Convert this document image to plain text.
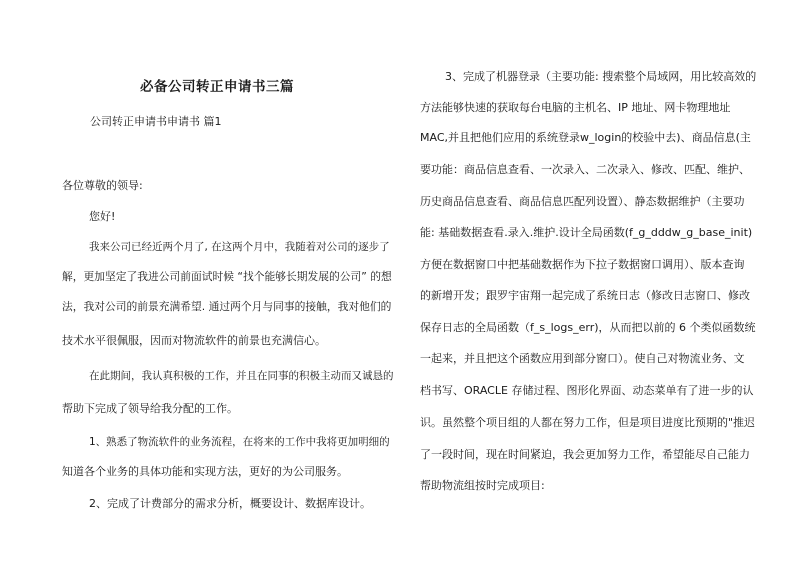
必备公司转正申请书三篇
公司转正申请书申请书 篇1
各位尊敬的领导:
您好!
我来公司已经近两个月了, 在这两个月中，我随着对公司的逐步了
解，更加坚定了我进公司前面试时候 “找个能够长期发展的公司” 的想
法，我对公司的前景充满希望. 通过两个月与同事的接触，我对他们的
技术水平很佩服，因而对物流软件的前景也充满信心。
在此期间，我认真积极的工作，并且在同事的积极主动而又诚恳的
帮助下完成了领导给我分配的工作。
1、熟悉了物流软件的业务流程，在将来的工作中我将更加明细的
知道各个业务的具体功能和实现方法，更好的为公司服务。
2、完成了计费部分的需求分析，概要设计、数据库设计。
3、完成了机器登录（主要功能: 搜索整个局域网，用比较高效的
方法能够快速的获取每台电脑的主机名、IP 地址、网卡物理地址
MAC,并且把他们应用的系统登录w_login的校验中去)、商品信息(主
要功能：商品信息查看、一次录入、二次录入、修改、匹配、维护、
历史商品信息查看、商品信息匹配列设置）、静态数据维护（主要功
能: 基础数据查看.录入.维护.设计全局函数(f_g_dddw_g_base_init)
方便在数据窗口中把基础数据作为下拉子数据窗口调用）、版本查询
的新增开发；跟罗宇宙翔一起完成了系统日志（修改日志窗口、修改
保存日志的全局函数（f_s_logs_err)，从而把以前的 6 个类似函数统
一起来，并且把这个函数应用到部分窗口）。使自己对物流业务、文
档书写、ORACLE 存储过程、图形化界面、动态菜单有了进一步的认
识。虽然整个项目组的人都在努力工作，但是项目进度比预期的"推迟
了一段时间，现在时间紧迫，我会更加努力工作，希望能尽自己能力
帮助物流组按时完成项目:
